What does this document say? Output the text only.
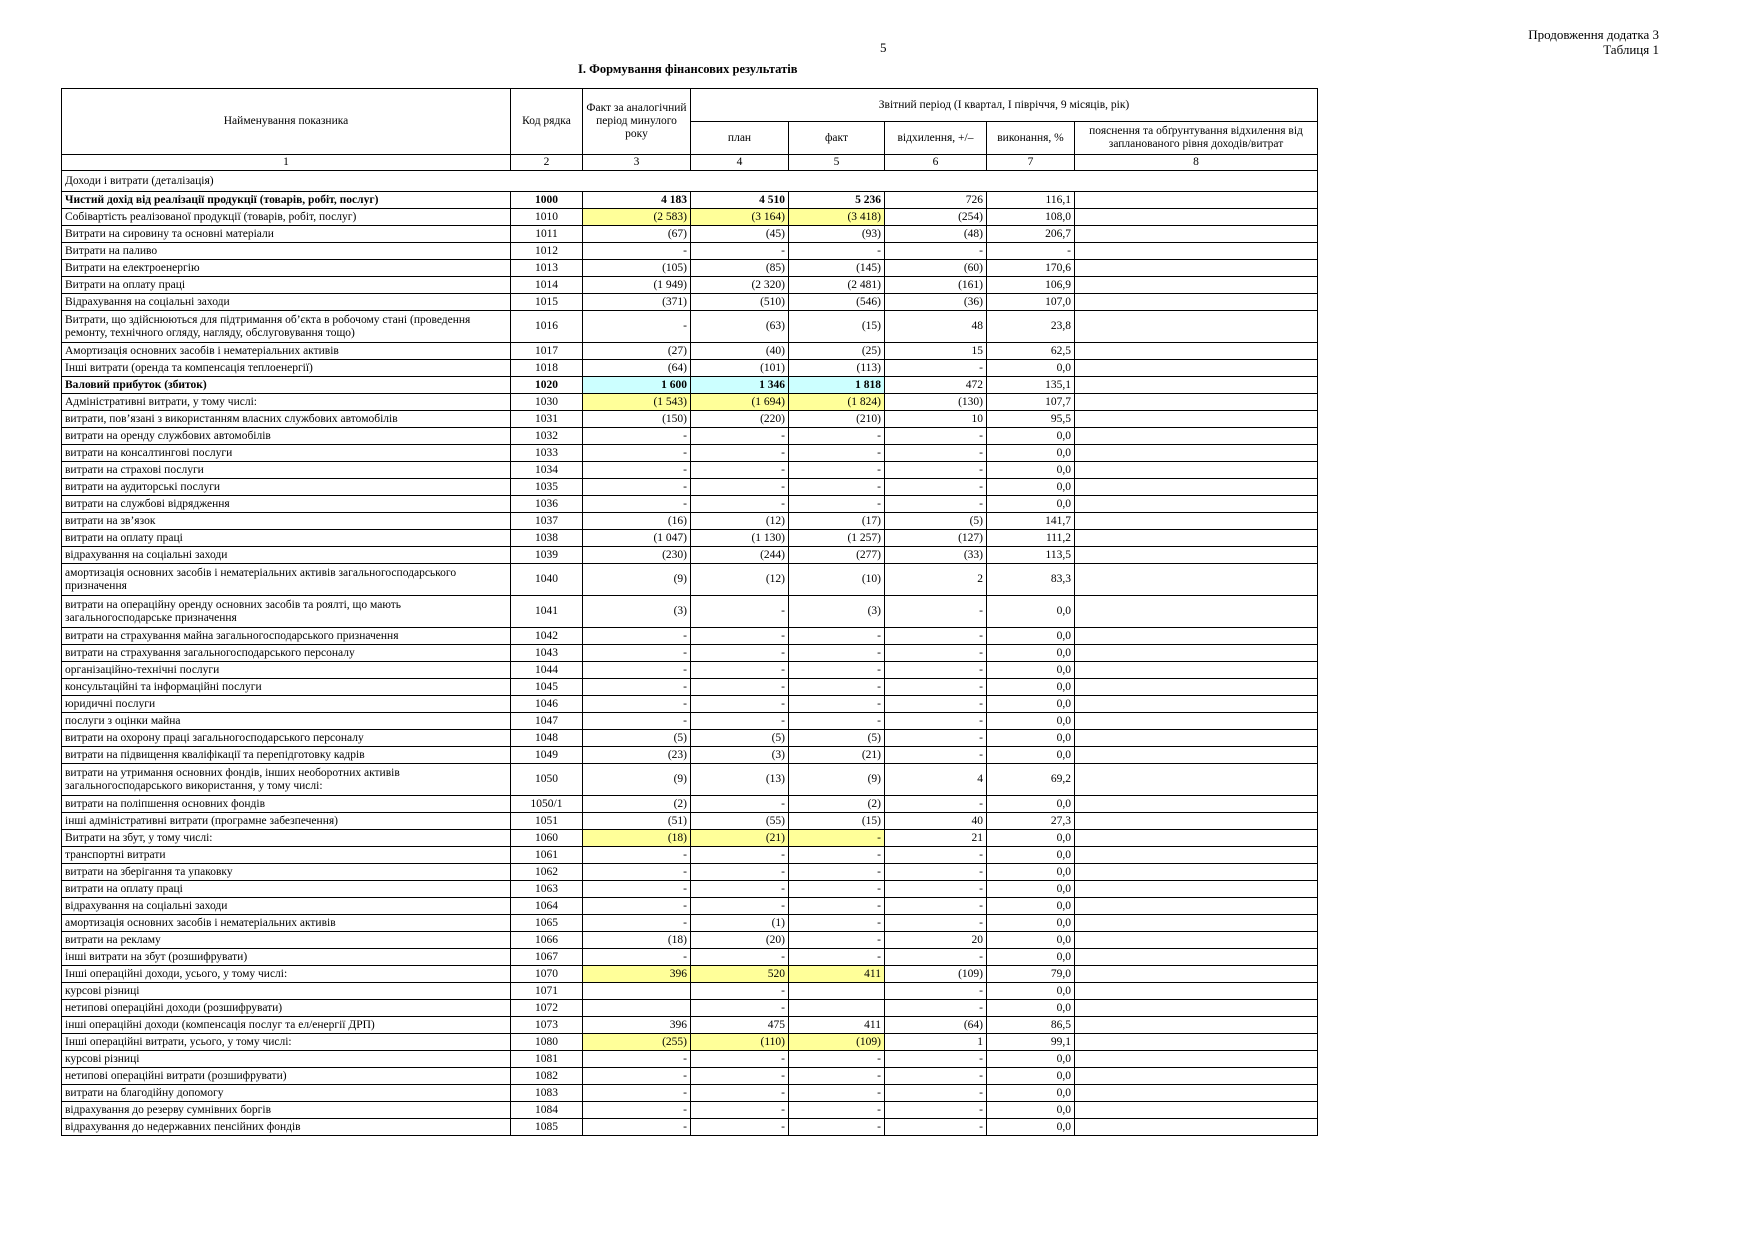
Продовження додатка 3
Таблиця 1
5
І. Формування фінансових результатів
Найменування показника	Код рядка	Факт за аналогічний період минулого року	Звітний період (І квартал, І півріччя, 9 місяців, рік)				
			план	факт	відхилення, +/–	виконання, %	пояснення та обґрунтування відхилення від запланованого рівня доходів/витрат
1	2	3	4	5	6	7	8
Доходи і витрати (деталізація)							
Чистий дохід від реалізації продукції (товарів, робіт, послуг)	1000	4 183	4 510	5 236	726	116,1	
Собівартість реалізованої продукції (товарів, робіт, послуг)	1010	(2 583)	(3 164)	(3 418)	(254)	108,0	
Витрати на сировину та основні матеріали	1011	(67)	(45)	(93)	(48)	206,7	
Витрати на паливо	1012	-	-	-	-	-	
Витрати на електроенергію	1013	(105)	(85)	(145)	(60)	170,6	
Витрати на оплату праці	1014	(1 949)	(2 320)	(2 481)	(161)	106,9	
Відрахування на соціальні заходи	1015	(371)	(510)	(546)	(36)	107,0	
Витрати, що здійснюються для підтримання об’єкта в робочому стані (проведення ремонту, технічного огляду, нагляду, обслуговування тощо)	1016	-	(63)	(15)	48	23,8	
Амортизація основних засобів і нематеріальних активів	1017	(27)	(40)	(25)	15	62,5	
Інші витрати (оренда та компенсація теплоенергії)	1018	(64)	(101)	(113)	-	0,0	
Валовий прибуток (збиток)	1020	1 600	1 346	1 818	472	135,1	
Адміністративні витрати, у тому числі:	1030	(1 543)	(1 694)	(1 824)	(130)	107,7	
витрати, пов’язані з використанням власних службових автомобілів	1031	(150)	(220)	(210)	10	95,5	
витрати на оренду службових автомобілів	1032	-	-	-	-	0,0	
витрати на консалтингові послуги	1033	-	-	-	-	0,0	
витрати на страхові послуги	1034	-	-	-	-	0,0	
витрати на аудиторські послуги	1035	-	-	-	-	0,0	
витрати на службові відрядження	1036	-	-	-	-	0,0	
витрати на зв’язок	1037	(16)	(12)	(17)	(5)	141,7	
витрати на оплату праці	1038	(1 047)	(1 130)	(1 257)	(127)	111,2	
відрахування на соціальні заходи	1039	(230)	(244)	(277)	(33)	113,5	
амортизація основних засобів і нематеріальних активів загальногосподарського призначення	1040	(9)	(12)	(10)	2	83,3	
витрати на операційну оренду основних засобів та роялті, що мають загальногосподарське призначення	1041	(3)	-	(3)	-	0,0	
витрати на страхування майна загальногосподарського призначення	1042	-	-	-	-	0,0	
витрати на страхування загальногосподарського персоналу	1043	-	-	-	-	0,0	
організаційно-технічні послуги	1044	-	-	-	-	0,0	
консультаційні та інформаційні послуги	1045	-	-	-	-	0,0	
юридичні послуги	1046	-	-	-	-	0,0	
послуги з оцінки майна	1047	-	-	-	-	0,0	
витрати на охорону праці загальногосподарського персоналу	1048	(5)	(5)	(5)	-	0,0	
витрати на підвищення кваліфікації та перепідготовку кадрів	1049	(23)	(3)	(21)	-	0,0	
витрати на утримання основних фондів, інших необоротних активів загальногосподарського використання, у тому числі:	1050	(9)	(13)	(9)	4	69,2	
витрати на поліпшення основних фондів	1050/1	(2)	-	(2)	-	0,0	
інші адміністративні витрати (програмне забезпечення)	1051	(51)	(55)	(15)	40	27,3	
Витрати на збут, у тому числі:	1060	(18)	(21)	-	21	0,0	
транспортні витрати	1061	-	-	-	-	0,0	
витрати на зберігання та упаковку	1062	-	-	-	-	0,0	
витрати на оплату праці	1063	-	-	-	-	0,0	
відрахування на соціальні заходи	1064	-	-	-	-	0,0	
амортизація основних засобів і нематеріальних активів	1065	-	(1)	-	-	0,0	
витрати на рекламу	1066	(18)	(20)	-	20	0,0	
інші витрати на збут (розшифрувати)	1067	-	-	-	-	0,0	
Інші операційні доходи, усього, у тому числі:	1070	396	520	411	(109)	79,0	
курсові різниці	1071		-		-	0,0	
нетипові операційні доходи (розшифрувати)	1072		-		-	0,0	
інші операційні доходи (компенсація послуг та ел/енергії ДРП)	1073	396	475	411	(64)	86,5	
Інші операційні витрати, усього, у тому числі:	1080	(255)	(110)	(109)	1	99,1	
курсові різниці	1081	-	-	-	-	0,0	
нетипові операційні витрати (розшифрувати)	1082	-	-	-	-	0,0	
витрати на благодійну допомогу	1083	-	-	-	-	0,0	
відрахування до резерву сумнівних боргів	1084	-	-	-	-	0,0	
відрахування до недержавних пенсійних фондів	1085	-	-	-	-	0,0	
